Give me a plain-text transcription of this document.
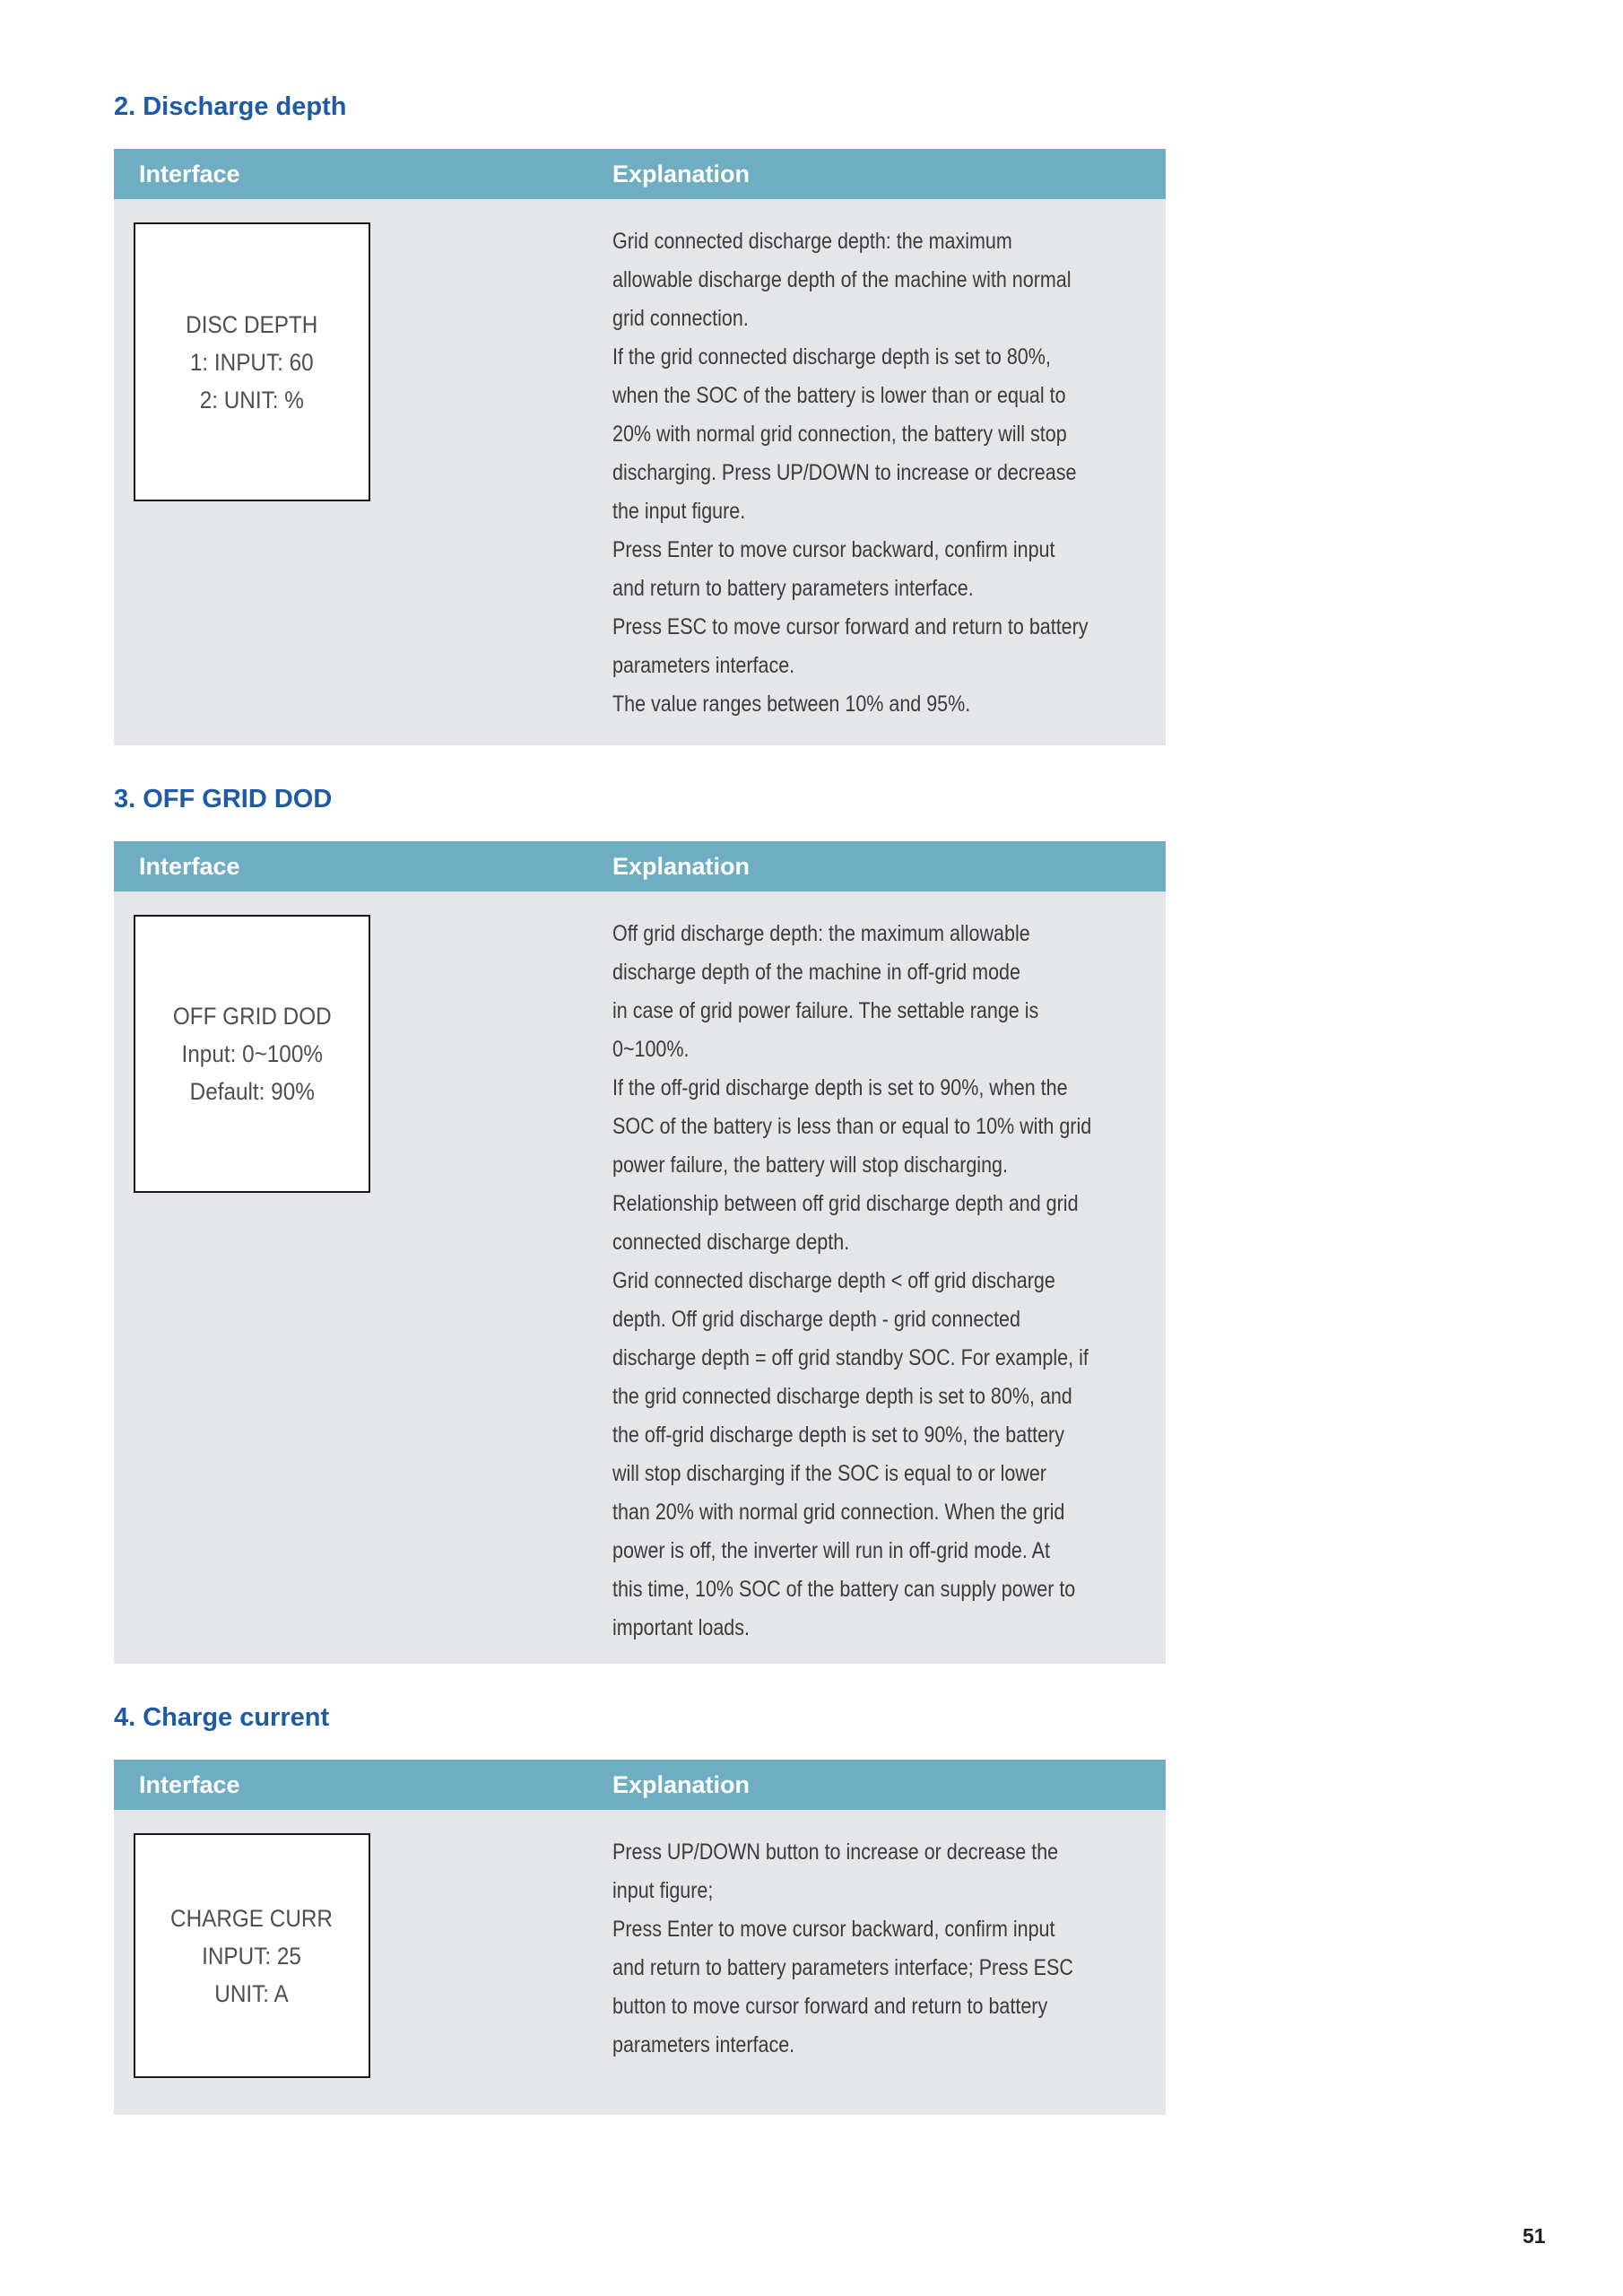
2. Discharge depth
Interface	Explanation
DISC DEPTH
1: INPUT: 60
2: UNIT: %
Grid connected discharge depth: the maximum
allowable discharge depth of the machine with normal
grid connection.
If the grid connected discharge depth is set to 80%,
when the SOC of the battery is lower than or equal to
20% with normal grid connection, the battery will stop
discharging. Press UP/DOWN to increase or decrease
the input figure.
Press Enter to move cursor backward, confirm input
and return to battery parameters interface.
Press ESC to move cursor forward and return to battery
parameters interface.
The value ranges between 10% and 95%.
3. OFF GRID DOD
Interface	Explanation
OFF GRID DOD
Input: 0~100%
Default: 90%
Off grid discharge depth: the maximum allowable
discharge depth of the machine in off-grid mode
in case of grid power failure. The settable range is
0~100%.
If the off-grid discharge depth is set to 90%, when the
SOC of the battery is less than or equal to 10% with grid
power failure, the battery will stop discharging.
Relationship between off grid discharge depth and grid
connected discharge depth.
Grid connected discharge depth < off grid discharge
depth. Off grid discharge depth - grid connected
discharge depth = off grid standby SOC. For example, if
the grid connected discharge depth is set to 80%, and
the off-grid discharge depth is set to 90%, the battery
will stop discharging if the SOC is equal to or lower
than 20% with normal grid connection. When the grid
power is off, the inverter will run in off-grid mode. At
this time, 10% SOC of the battery can supply power to
important loads.
4. Charge current
Interface	Explanation
CHARGE CURR
INPUT: 25
UNIT: A
Press UP/DOWN button to increase or decrease the
input figure;
Press Enter to move cursor backward, confirm input
and return to battery parameters interface; Press ESC
button to move cursor forward and return to battery
parameters interface.
51
